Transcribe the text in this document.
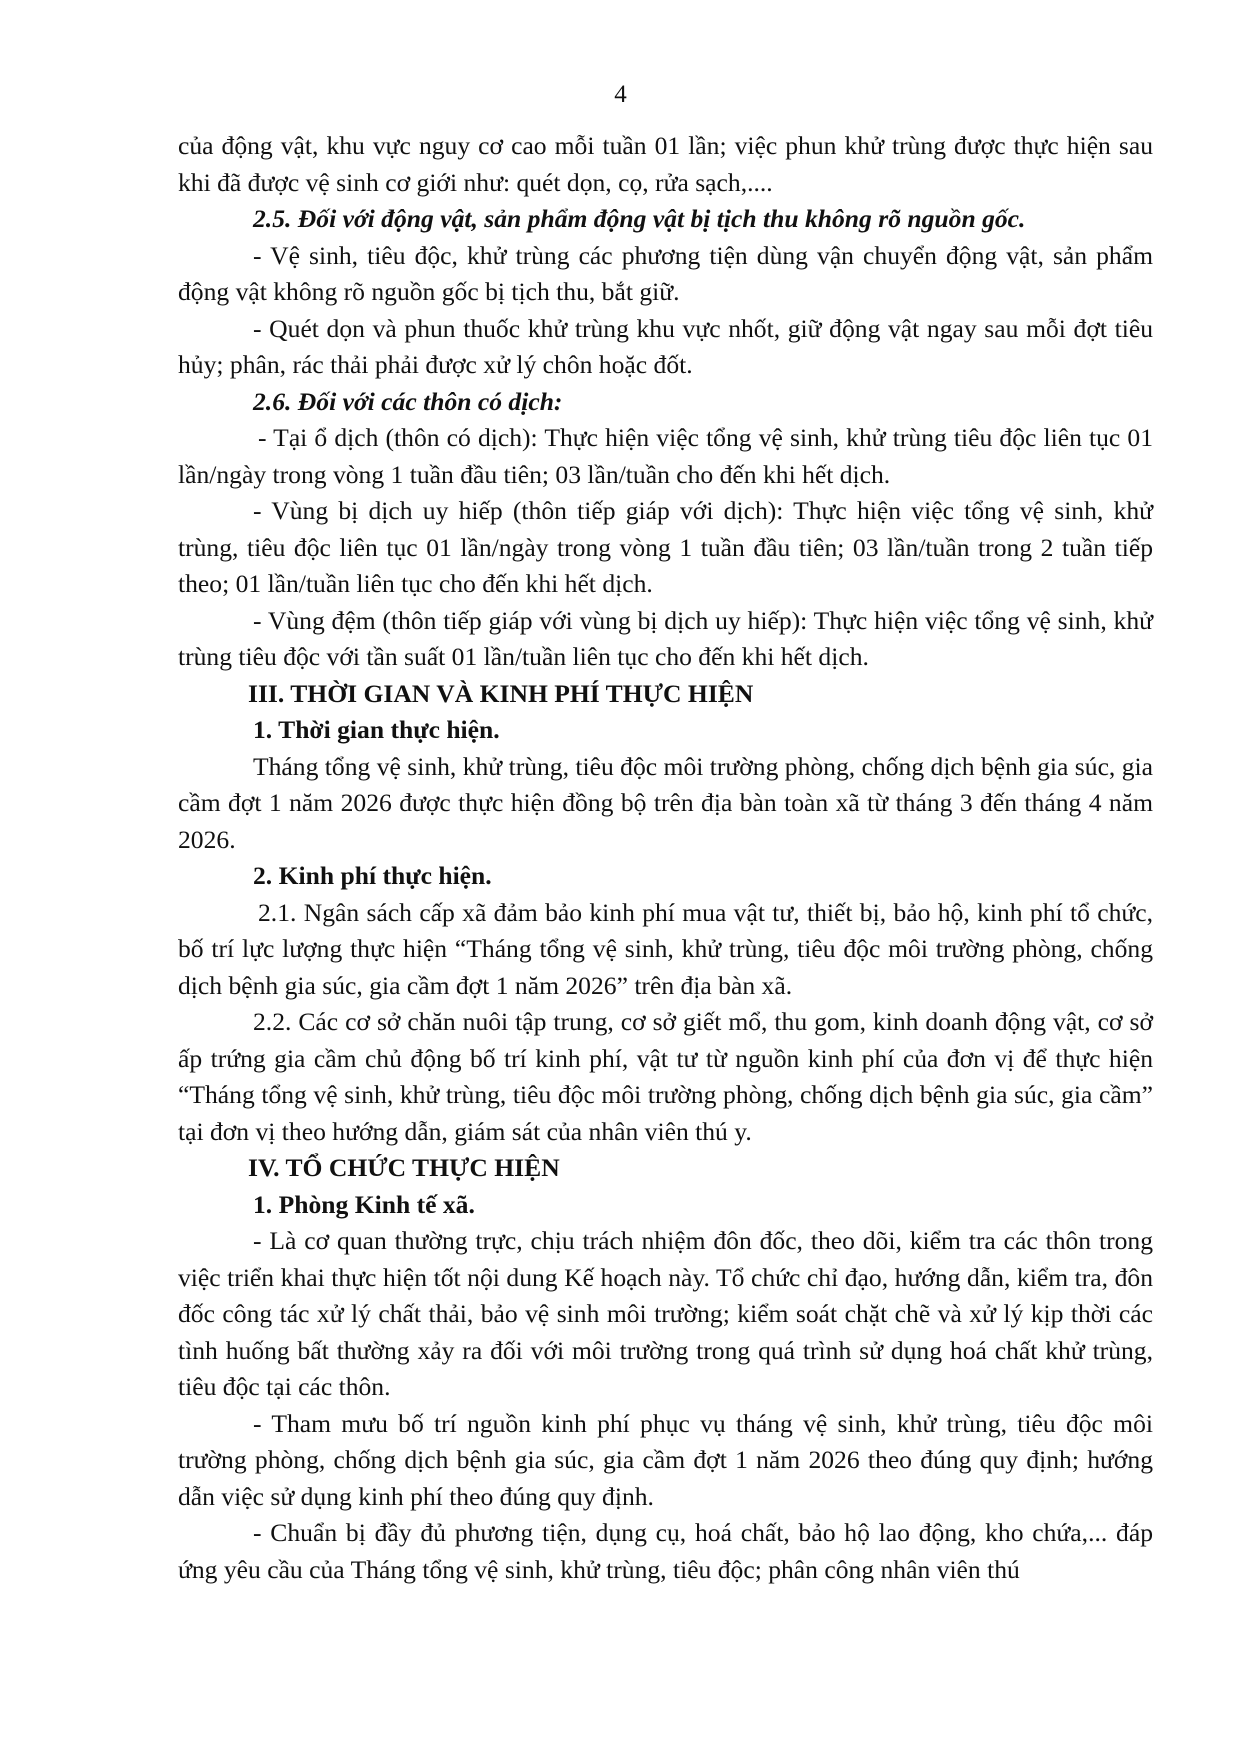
4

của động vật, khu vực nguy cơ cao mỗi tuần 01 lần; việc phun khử trùng được thực hiện sau khi đã được vệ sinh cơ giới như: quét dọn, cọ, rửa sạch,....

2.5. Đối với động vật, sản phẩm động vật bị tịch thu không rõ nguồn gốc.

- Vệ sinh, tiêu độc, khử trùng các phương tiện dùng vận chuyển động vật, sản phẩm động vật không rõ nguồn gốc bị tịch thu, bắt giữ.

- Quét dọn và phun thuốc khử trùng khu vực nhốt, giữ động vật ngay sau mỗi đợt tiêu hủy; phân, rác thải phải được xử lý chôn hoặc đốt.

2.6. Đối với các thôn có dịch:

- Tại ổ dịch (thôn có dịch): Thực hiện việc tổng vệ sinh, khử trùng tiêu độc liên tục 01 lần/ngày trong vòng 1 tuần đầu tiên; 03 lần/tuần cho đến khi hết dịch.

- Vùng bị dịch uy hiếp (thôn tiếp giáp với dịch): Thực hiện việc tổng vệ sinh, khử trùng, tiêu độc liên tục 01 lần/ngày trong vòng 1 tuần đầu tiên; 03 lần/tuần trong 2 tuần tiếp theo; 01 lần/tuần liên tục cho đến khi hết dịch.

- Vùng đệm (thôn tiếp giáp với vùng bị dịch uy hiếp): Thực hiện việc tổng vệ sinh, khử trùng tiêu độc với tần suất 01 lần/tuần liên tục cho đến khi hết dịch.

III. THỜI GIAN VÀ KINH PHÍ THỰC HIỆN

1. Thời gian thực hiện.

Tháng tổng vệ sinh, khử trùng, tiêu độc môi trường phòng, chống dịch bệnh gia súc, gia cầm đợt 1 năm 2026 được thực hiện đồng bộ trên địa bàn toàn xã từ tháng 3 đến tháng 4 năm 2026.

2. Kinh phí thực hiện.

2.1. Ngân sách cấp xã đảm bảo kinh phí mua vật tư, thiết bị, bảo hộ, kinh phí tổ chức, bố trí lực lượng thực hiện “Tháng tổng vệ sinh, khử trùng, tiêu độc môi trường phòng, chống dịch bệnh gia súc, gia cầm đợt 1 năm 2026” trên địa bàn xã.

2.2. Các cơ sở chăn nuôi tập trung, cơ sở giết mổ, thu gom, kinh doanh động vật, cơ sở ấp trứng gia cầm chủ động bố trí kinh phí, vật tư từ nguồn kinh phí của đơn vị để thực hiện “Tháng tổng vệ sinh, khử trùng, tiêu độc môi trường phòng, chống dịch bệnh gia súc, gia cầm” tại đơn vị theo hướng dẫn, giám sát của nhân viên thú y.

IV. TỔ CHỨC THỰC HIỆN

1. Phòng Kinh tế xã.

- Là cơ quan thường trực, chịu trách nhiệm đôn đốc, theo dõi, kiểm tra các thôn trong việc triển khai thực hiện tốt nội dung Kế hoạch này. Tổ chức chỉ đạo, hướng dẫn, kiểm tra, đôn đốc công tác xử lý chất thải, bảo vệ sinh môi trường; kiểm soát chặt chẽ và xử lý kịp thời các tình huống bất thường xảy ra đối với môi trường trong quá trình sử dụng hoá chất khử trùng, tiêu độc tại các thôn.

- Tham mưu bố trí nguồn kinh phí phục vụ tháng vệ sinh, khử trùng, tiêu độc môi trường phòng, chống dịch bệnh gia súc, gia cầm đợt 1 năm 2026 theo đúng quy định; hướng dẫn việc sử dụng kinh phí theo đúng quy định.

- Chuẩn bị đầy đủ phương tiện, dụng cụ, hoá chất, bảo hộ lao động, kho chứa,... đáp ứng yêu cầu của Tháng tổng vệ sinh, khử trùng, tiêu độc; phân công nhân viên thú
